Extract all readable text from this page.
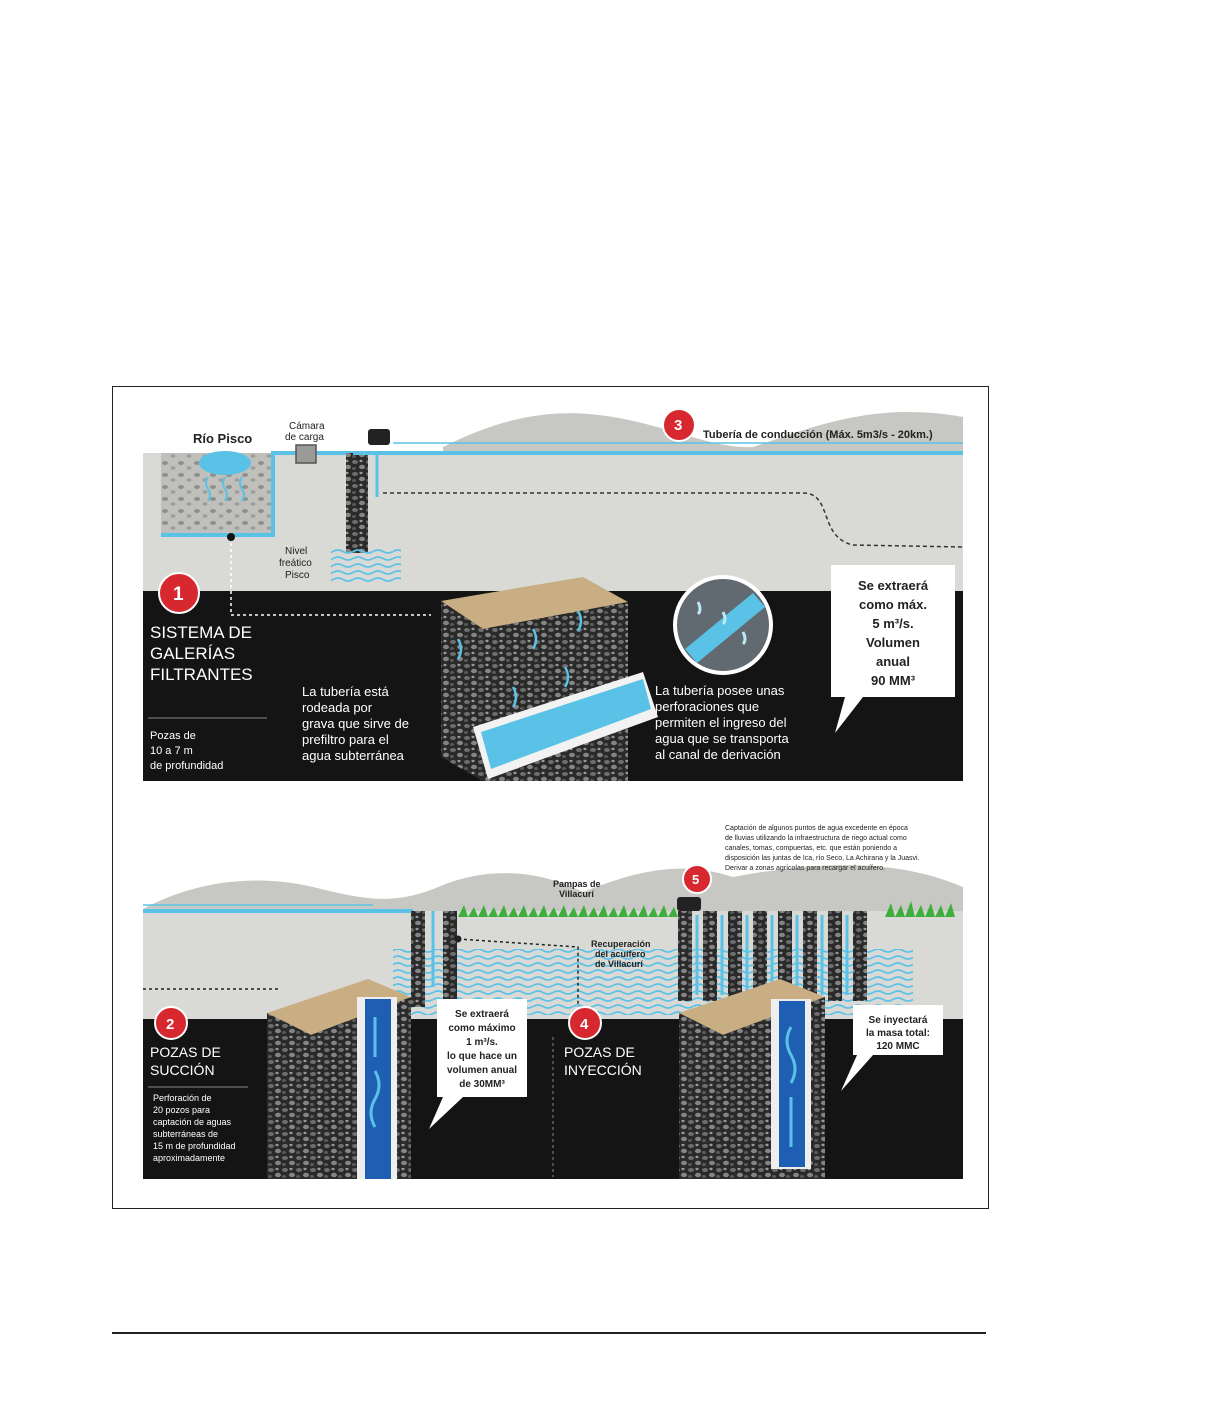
Río Pisco
Cámara
de carga
3
Tubería de conducción (Máx. 5m3/s - 20km.)
Nivel
freático
Pisco
1
SISTEMA DE
GALERÍAS
FILTRANTES
Pozas de
10 a 7 m
de profundidad
La tubería está
rodeada por
grava que sirve de
prefiltro para el
agua subterránea
La tubería posee unas
perforaciones que
permiten el ingreso del
agua que se transporta
al canal de derivación
Se extraerá
como máx.
5 m³/s.
Volumen
anual
90 MM³
Captación de algunos puntos de agua excedente en época
de lluvias utilizando la infraestructura de riego actual como
canales, tomas, compuertas, etc. que están poniendo a
disposición las juntas de Ica, río Seco, La Achirana y la Juasvi.
Derivar a zonas agrícolas para recargar el acuífero.
Pampas de
Villacurí
5
Recuperación
del acuífero
de Villacurí
2
POZAS DE
SUCCIÓN
Perforación de
20 pozos para
captación de aguas
subterráneas de
15 m de profundidad
aproximadamente
Se extraerá
como máximo
1 m³/s.
lo que hace un
volumen anual
de 30MM³
4
POZAS DE
INYECCIÓN
Se inyectará
la masa total:
120 MMC
